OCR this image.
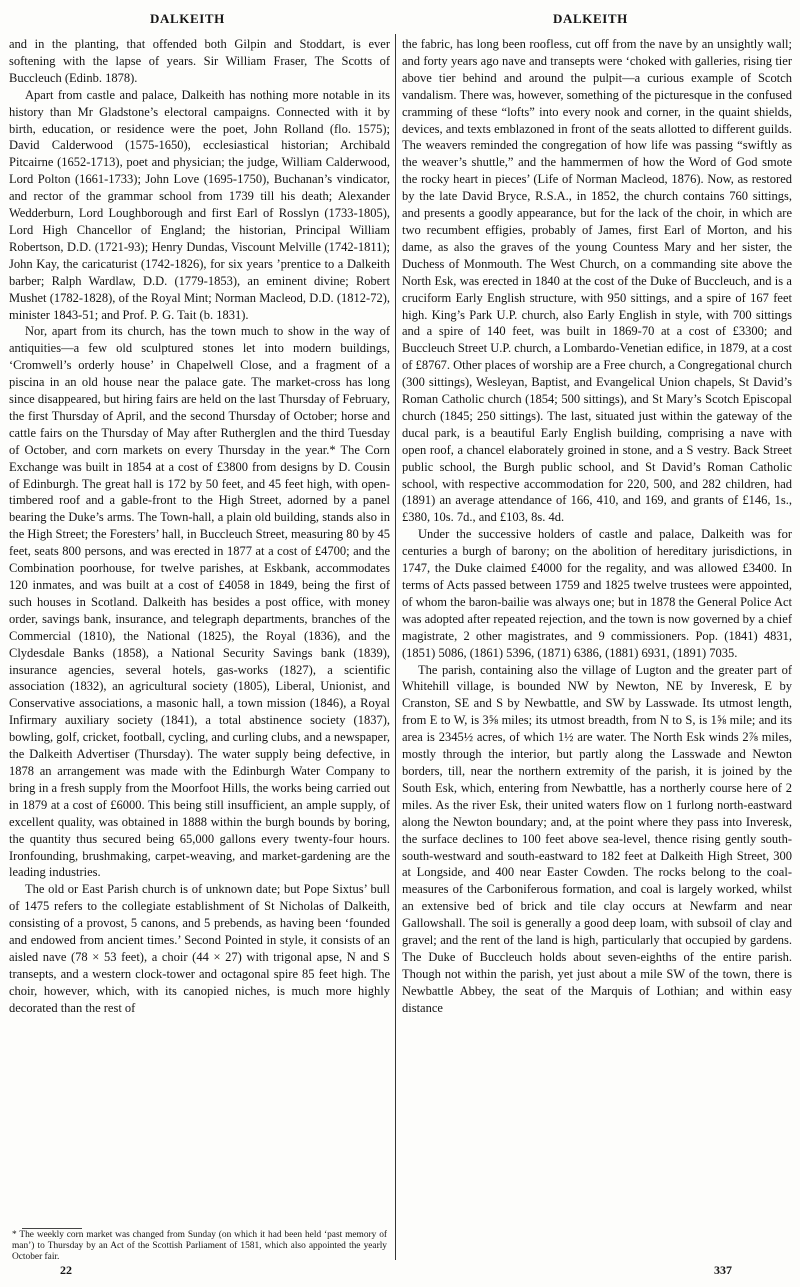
DALKEITH	DALKEITH

and in the planting, that offended both Gilpin and Stoddart, is ever softening with the lapse of years. Sir William Fraser, The Scotts of Buccleuch (Edinb. 1878).

Apart from castle and palace, Dalkeith has nothing more notable in its history than Mr Gladstone’s electoral campaigns. Connected with it by birth, education, or residence were the poet, John Rolland (flo. 1575); David Calderwood (1575-1650), ecclesiastical historian; Archibald Pitcairne (1652-1713), poet and physician; the judge, William Calderwood, Lord Polton (1661-1733); John Love (1695-1750), Buchanan’s vindicator, and rector of the grammar school from 1739 till his death; Alexander Wedderburn, Lord Loughborough and first Earl of Rosslyn (1733-1805), Lord High Chancellor of England; the historian, Principal William Robertson, D.D. (1721-93); Henry Dundas, Viscount Melville (1742-1811); John Kay, the caricaturist (1742-1826), for six years ’prentice to a Dalkeith barber; Ralph Wardlaw, D.D. (1779-1853), an eminent divine; Robert Mushet (1782-1828), of the Royal Mint; Norman Macleod, D.D. (1812-72), minister 1843-51; and Prof. P. G. Tait (b. 1831).

Nor, apart from its church, has the town much to show in the way of antiquities—a few old sculptured stones let into modern buildings, ‘Cromwell’s orderly house’ in Chapelwell Close, and a fragment of a piscina in an old house near the palace gate. The market-cross has long since disappeared, but hiring fairs are held on the last Thursday of February, the first Thursday of April, and the second Thursday of October; horse and cattle fairs on the Thursday of May after Rutherglen and the third Tuesday of October, and corn markets on every Thursday in the year.* The Corn Exchange was built in 1854 at a cost of £3800 from designs by D. Cousin of Edinburgh. The great hall is 172 by 50 feet, and 45 feet high, with open-timbered roof and a gable-front to the High Street, adorned by a panel bearing the Duke’s arms. The Town-hall, a plain old building, stands also in the High Street; the Foresters’ hall, in Buccleuch Street, measuring 80 by 45 feet, seats 800 persons, and was erected in 1877 at a cost of £4700; and the Combination poorhouse, for twelve parishes, at Eskbank, accommodates 120 inmates, and was built at a cost of £4058 in 1849, being the first of such houses in Scotland. Dalkeith has besides a post office, with money order, savings bank, insurance, and telegraph departments, branches of the Commercial (1810), the National (1825), the Royal (1836), and the Clydesdale Banks (1858), a National Security Savings bank (1839), insurance agencies, several hotels, gas-works (1827), a scientific association (1832), an agricultural society (1805), Liberal, Unionist, and Conservative associations, a masonic hall, a town mission (1846), a Royal Infirmary auxiliary society (1841), a total abstinence society (1837), bowling, golf, cricket, football, cycling, and curling clubs, and a newspaper, the Dalkeith Advertiser (Thursday). The water supply being defective, in 1878 an arrangement was made with the Edinburgh Water Company to bring in a fresh supply from the Moorfoot Hills, the works being carried out in 1879 at a cost of £6000. This being still insufficient, an ample supply, of excellent quality, was obtained in 1888 within the burgh bounds by boring, the quantity thus secured being 65,000 gallons every twenty-four hours. Ironfounding, brushmaking, carpet-weaving, and market-gardening are the leading industries.

The old or East Parish church is of unknown date; but Pope Sixtus’ bull of 1475 refers to the collegiate establishment of St Nicholas of Dalkeith, consisting of a provost, 5 canons, and 5 prebends, as having been ‘founded and endowed from ancient times.’ Second Pointed in style, it consists of an aisled nave (78 × 53 feet), a choir (44 × 27) with trigonal apse, N and S transepts, and a western clock-tower and octagonal spire 85 feet high. The choir, however, which, with its canopied niches, is much more highly decorated than the rest of

the fabric, has long been roofless, cut off from the nave by an unsightly wall; and forty years ago nave and transepts were ‘choked with galleries, rising tier above tier behind and around the pulpit—a curious example of Scotch vandalism. There was, however, something of the picturesque in the confused cramming of these “lofts” into every nook and corner, in the quaint shields, devices, and texts emblazoned in front of the seats allotted to different guilds. The weavers reminded the congregation of how life was passing “swiftly as the weaver’s shuttle,” and the hammermen of how the Word of God smote the rocky heart in pieces’ (Life of Norman Macleod, 1876). Now, as restored by the late David Bryce, R.S.A., in 1852, the church contains 760 sittings, and presents a goodly appearance, but for the lack of the choir, in which are two recumbent effigies, probably of James, first Earl of Morton, and his dame, as also the graves of the young Countess Mary and her sister, the Duchess of Monmouth. The West Church, on a commanding site above the North Esk, was erected in 1840 at the cost of the Duke of Buccleuch, and is a cruciform Early English structure, with 950 sittings, and a spire of 167 feet high. King’s Park U.P. church, also Early English in style, with 700 sittings and a spire of 140 feet, was built in 1869-70 at a cost of £3300; and Buccleuch Street U.P. church, a Lombardo-Venetian edifice, in 1879, at a cost of £8767. Other places of worship are a Free church, a Congregational church (300 sittings), Wesleyan, Baptist, and Evangelical Union chapels, St David’s Roman Catholic church (1854; 500 sittings), and St Mary’s Scotch Episcopal church (1845; 250 sittings). The last, situated just within the gateway of the ducal park, is a beautiful Early English building, comprising a nave with open roof, a chancel elaborately groined in stone, and a S vestry. Back Street public school, the Burgh public school, and St David’s Roman Catholic school, with respective accommodation for 220, 500, and 282 children, had (1891) an average attendance of 166, 410, and 169, and grants of £146, 1s., £380, 10s. 7d., and £103, 8s. 4d.

Under the successive holders of castle and palace, Dalkeith was for centuries a burgh of barony; on the abolition of hereditary jurisdictions, in 1747, the Duke claimed £4000 for the regality, and was allowed £3400. In terms of Acts passed between 1759 and 1825 twelve trustees were appointed, of whom the baron-bailie was always one; but in 1878 the General Police Act was adopted after repeated rejection, and the town is now governed by a chief magistrate, 2 other magistrates, and 9 commissioners. Pop. (1841) 4831, (1851) 5086, (1861) 5396, (1871) 6386, (1881) 6931, (1891) 7035.

The parish, containing also the village of Lugton and the greater part of Whitehill village, is bounded NW by Newton, NE by Inveresk, E by Cranston, SE and S by Newbattle, and SW by Lasswade. Its utmost length, from E to W, is 3⅝ miles; its utmost breadth, from N to S, is 1⅝ mile; and its area is 2345½ acres, of which 1½ are water. The North Esk winds 2⅞ miles, mostly through the interior, but partly along the Lasswade and Newton borders, till, near the northern extremity of the parish, it is joined by the South Esk, which, entering from Newbattle, has a northerly course here of 2 miles. As the river Esk, their united waters flow on 1 furlong north-eastward along the Newton boundary; and, at the point where they pass into Inveresk, the surface declines to 100 feet above sea-level, thence rising gently south-south-westward and south-eastward to 182 feet at Dalkeith High Street, 300 at Longside, and 400 near Easter Cowden. The rocks belong to the coal-measures of the Carboniferous formation, and coal is largely worked, whilst an extensive bed of brick and tile clay occurs at Newfarm and near Gallowshall. The soil is generally a good deep loam, with subsoil of clay and gravel; and the rent of the land is high, particularly that occupied by gardens. The Duke of Buccleuch holds about seven-eighths of the entire parish. Though not within the parish, yet just about a mile SW of the town, there is Newbattle Abbey, the seat of the Marquis of Lothian; and within easy distance

* The weekly corn market was changed from Sunday (on which it had been held ‘past memory of man’) to Thursday by an Act of the Scottish Parliament of 1581, which also appointed the yearly October fair.
22	337
